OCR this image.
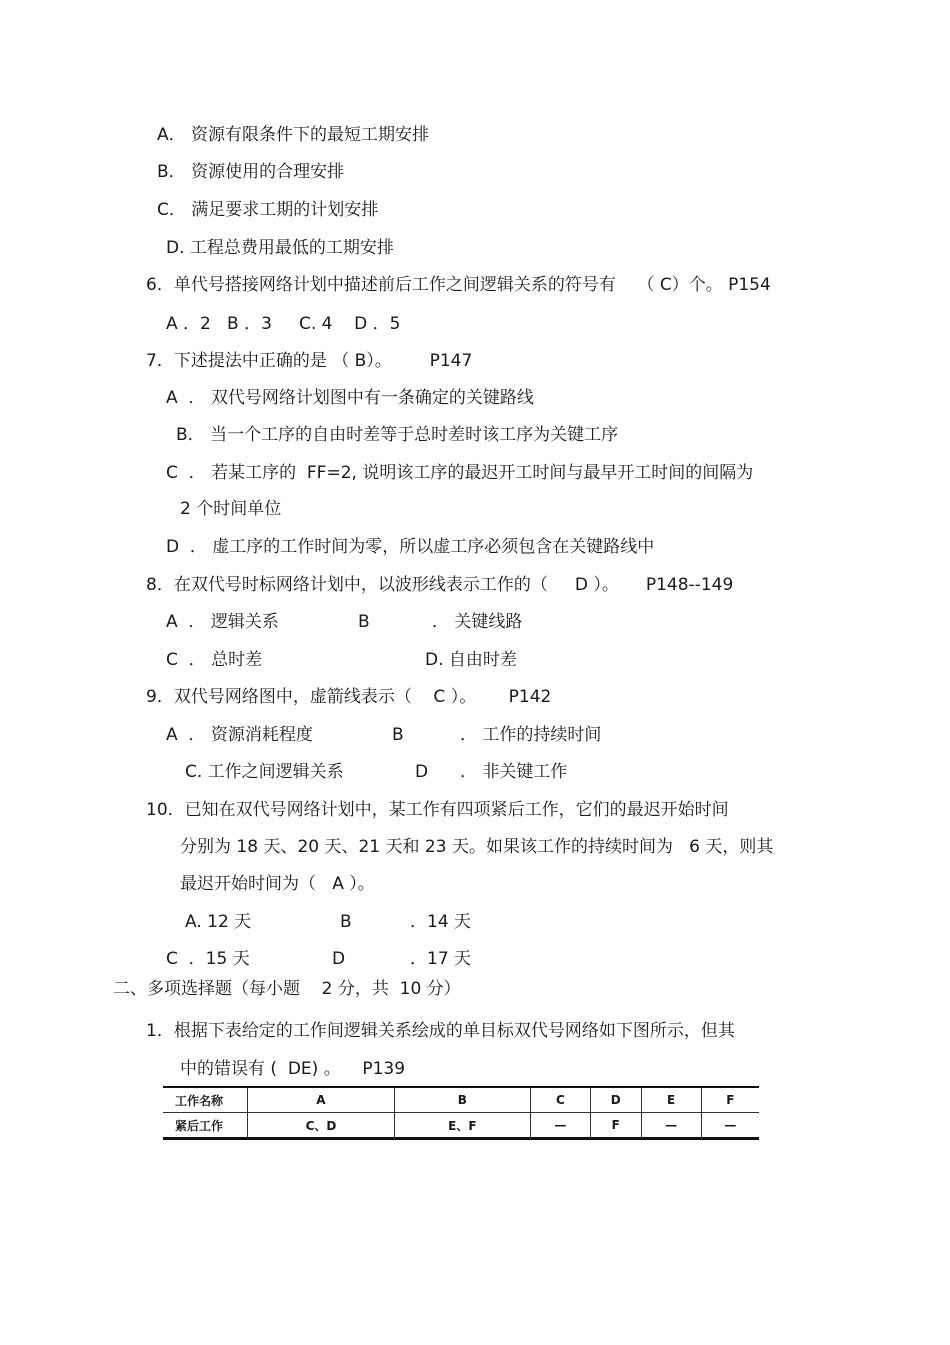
A． 资源有限条件下的最短工期安排
B． 资源使用的合理安排
C． 满足要求工期的计划安排
D. 工程总费用最低的工期安排
6．单代号搭接网络计划中描述前后工作之间逻辑关系的符号有    （ C）个。 P154
A ．2   B ．3     C. 4    D ．5
7．下述提法中正确的是 （ B）。       P147
A  ． 双代号网络计划图中有一条确定的关键路线
B． 当一个工序的自由时差等于总时差时该工序为关键工序
C  ． 若某工序的  FF=2, 说明该工序的最迟开工时间与最早开工时间的间隔为
2 个时间单位
D  ． 虚工序的工作时间为零，所以虚工序必须包含在关键路线中
8．在双代号时标网络计划中，以波形线表示工作的（     D ）。     P148--149
A  ． 逻辑关系	B	． 关键线路
C  ． 总时差	D. 自由时差
9．双代号网络图中，虚箭线表示（    C ）。      P142
A  ． 资源消耗程度	B	． 工作的持续时间
C. 工作之间逻辑关系	D ． 非关键工作
10．已知在双代号网络计划中，某工作有四项紧后工作，它们的最迟开始时间
分别为 18 天、20 天、21 天和 23 天。如果该工作的持续时间为   6 天，则其
最迟开始时间为（   A ）。
A. 12 天	B	．14 天
C  ．15 天	D	．17 天
二、多项选择题（每小题    2 分，共  10 分）
1．根据下表给定的工作间逻辑关系绘成的单目标双代号网络如下图所示，但其
中的错误有 (  DE) 。    P139
工作名称	A	B	C	D	E	F
紧后工作	C、D	E、F	—	F	—	—
